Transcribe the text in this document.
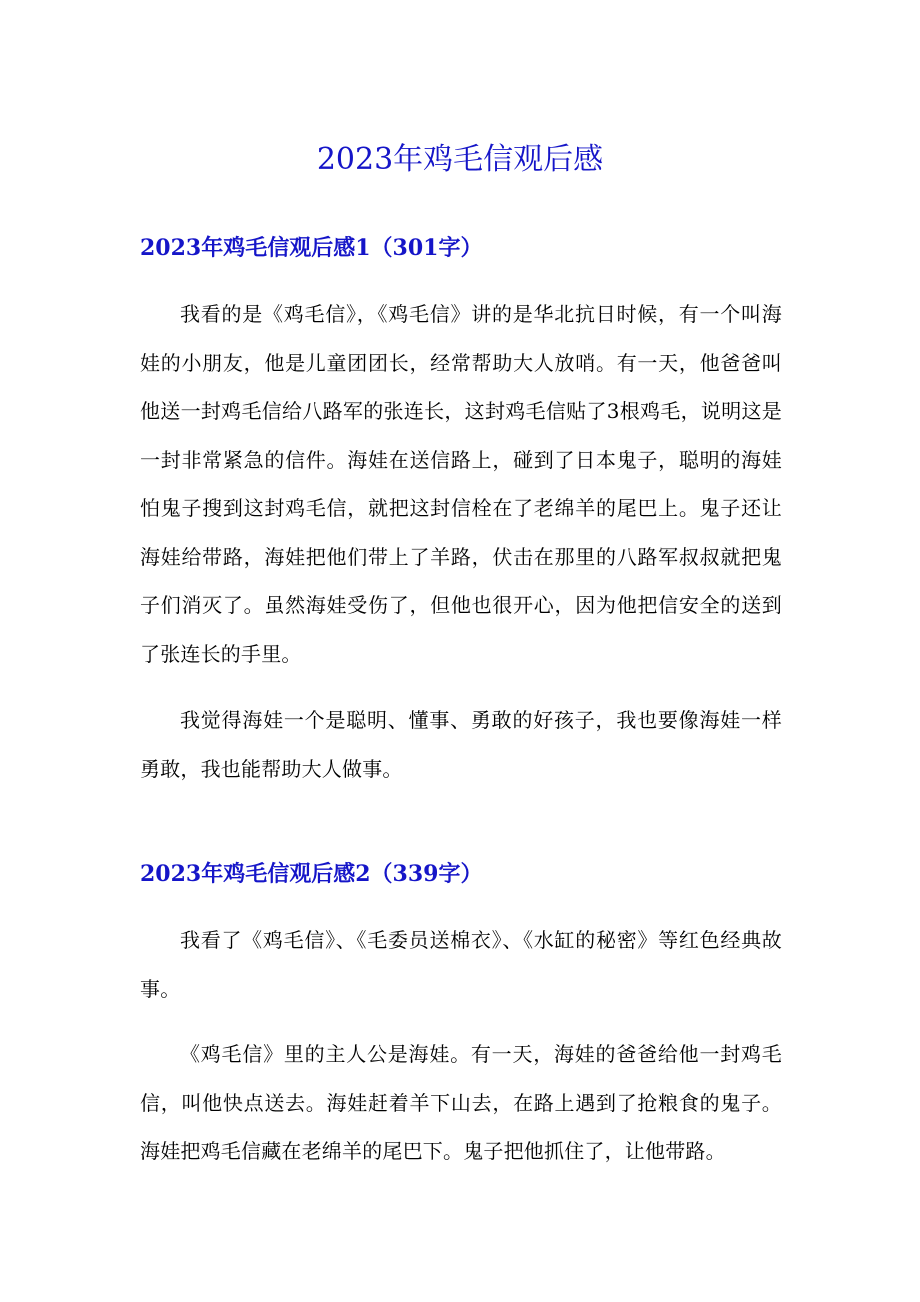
2023年鸡毛信观后感
2023年鸡毛信观后感1（301字）

我看的是《鸡毛信》，《鸡毛信》讲的是华北抗日时候，有一个叫海娃的小朋友，他是儿童团团长，经常帮助大人放哨。有一天，他爸爸叫他送一封鸡毛信给八路军的张连长，这封鸡毛信贴了3根鸡毛，说明这是一封非常紧急的信件。海娃在送信路上，碰到了日本鬼子，聪明的海娃怕鬼子搜到这封鸡毛信，就把这封信栓在了老绵羊的尾巴上。鬼子还让海娃给带路，海娃把他们带上了羊路，伏击在那里的八路军叔叔就把鬼子们消灭了。虽然海娃受伤了，但他也很开心，因为他把信安全的送到了张连长的手里。

我觉得海娃一个是聪明、懂事、勇敢的好孩子，我也要像海娃一样勇敢，我也能帮助大人做事。

2023年鸡毛信观后感2（339字）

我看了《鸡毛信》、《毛委员送棉衣》、《水缸的秘密》等红色经典故事。

《鸡毛信》里的主人公是海娃。有一天，海娃的爸爸给他一封鸡毛信，叫他快点送去。海娃赶着羊下山去，在路上遇到了抢粮食的鬼子。海娃把鸡毛信藏在老绵羊的尾巴下。鬼子把他抓住了，让他带路。
